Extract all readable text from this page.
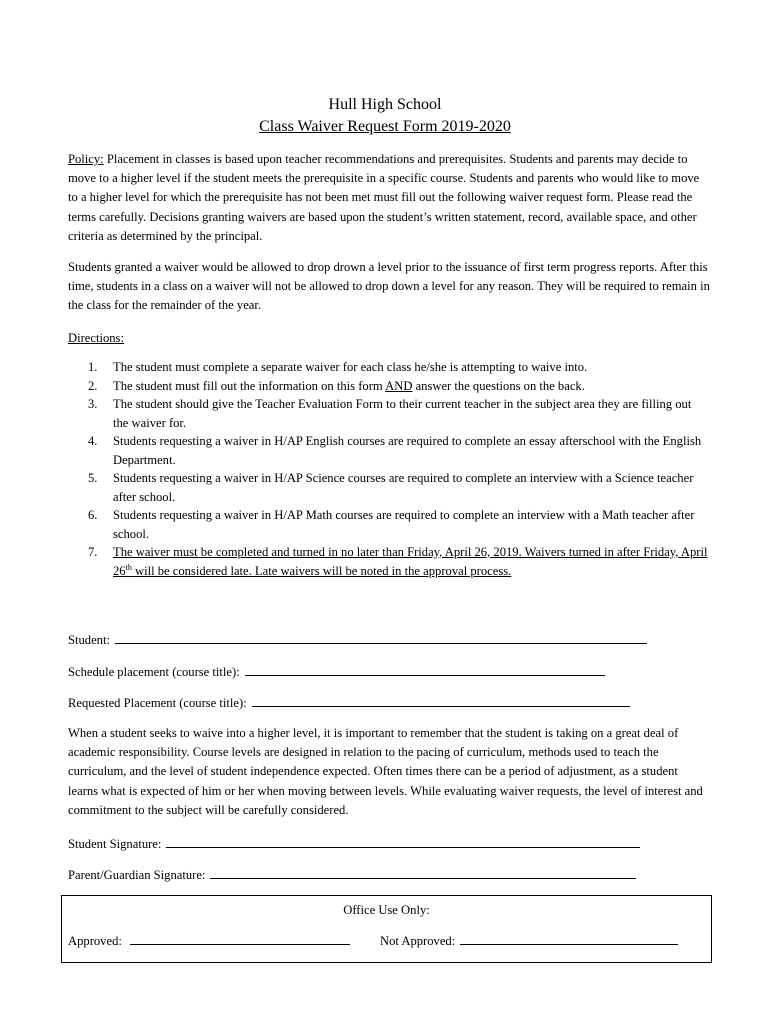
Hull High School
Class Waiver Request Form 2019-2020

Policy: Placement in classes is based upon teacher recommendations and prerequisites. Students and parents may decide to move to a higher level if the student meets the prerequisite in a specific course. Students and parents who would like to move to a higher level for which the prerequisite has not been met must fill out the following waiver request form. Please read the terms carefully. Decisions granting waivers are based upon the student’s written statement, record, available space, and other criteria as determined by the principal.

Students granted a waiver would be allowed to drop drown a level prior to the issuance of first term progress reports. After this time, students in a class on a waiver will not be allowed to drop down a level for any reason. They will be required to remain in the class for the remainder of the year.

Directions:
1. The student must complete a separate waiver for each class he/she is attempting to waive into.
2. The student must fill out the information on this form AND answer the questions on the back.
3. The student should give the Teacher Evaluation Form to their current teacher in the subject area they are filling out the waiver for.
4. Students requesting a waiver in H/AP English courses are required to complete an essay afterschool with the English Department.
5. Students requesting a waiver in H/AP Science courses are required to complete an interview with a Science teacher after school.
6. Students requesting a waiver in H/AP Math courses are required to complete an interview with a Math teacher after school.
7. The waiver must be completed and turned in no later than Friday, April 26, 2019. Waivers turned in after Friday, April 26th will be considered late. Late waivers will be noted in the approval process.
Student:
Schedule placement (course title):
Requested Placement (course title):

When a student seeks to waive into a higher level, it is important to remember that the student is taking on a great deal of academic responsibility. Course levels are designed in relation to the pacing of curriculum, methods used to teach the curriculum, and the level of student independence expected. Often times there can be a period of adjustment, as a student learns what is expected of him or her when moving between levels. While evaluating waiver requests, the level of interest and commitment to the subject will be carefully considered.

Student Signature:
Parent/Guardian Signature:
Office Use Only:
Approved:	Not Approved:
